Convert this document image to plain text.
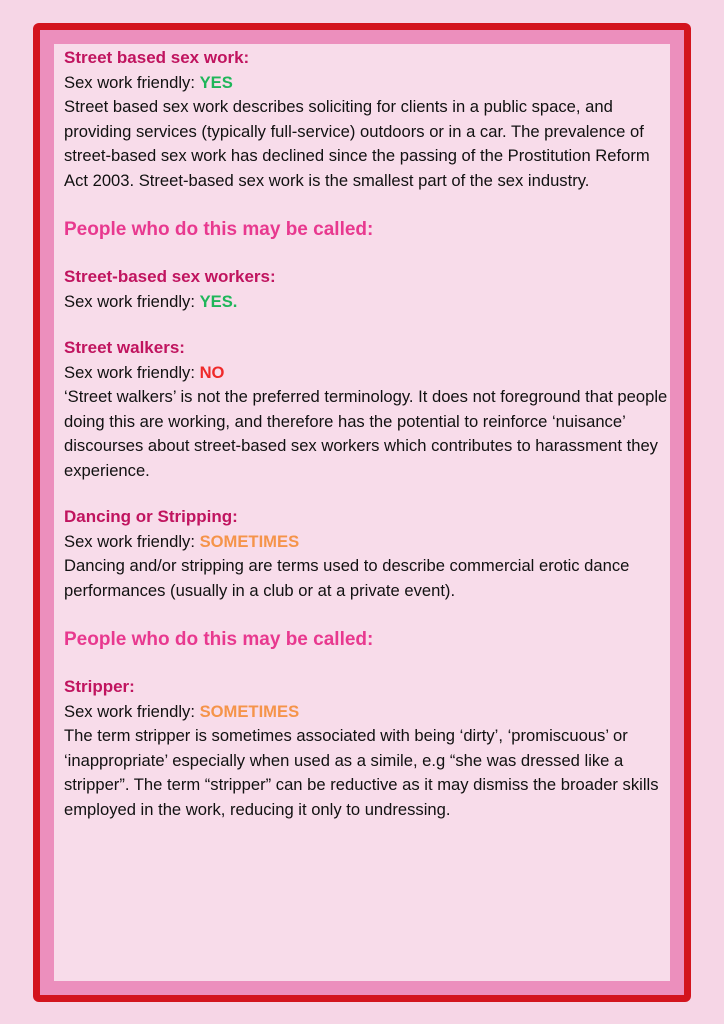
Street based sex work:

Sex work friendly: YES

Street based sex work describes soliciting for clients in a public space, and providing services (typically full-service) outdoors or in a car. The prevalence of street-based sex work has declined since the passing of the Prostitution Reform Act 2003. Street-based sex work is the smallest part of the sex industry.

People who do this may be called:
Street-based sex workers:

Sex work friendly: YES.

Street walkers:

Sex work friendly: NO

‘Street walkers’ is not the preferred terminology. It does not foreground that people doing this are working, and therefore has the potential to reinforce ‘nuisance’ discourses about street-based sex workers which contributes to harassment they experience.

Dancing or Stripping:

Sex work friendly: SOMETIMES

Dancing and/or stripping are terms used to describe commercial erotic dance performances (usually in a club or at a private event).

People who do this may be called:
Stripper:

Sex work friendly: SOMETIMES

The term stripper is sometimes associated with being ‘dirty’, ‘promiscuous’ or ‘inappropriate’ especially when used as a simile, e.g “she was dressed like a stripper”. The term “stripper” can be reductive as it may dismiss the broader skills employed in the work, reducing it only to undressing.
